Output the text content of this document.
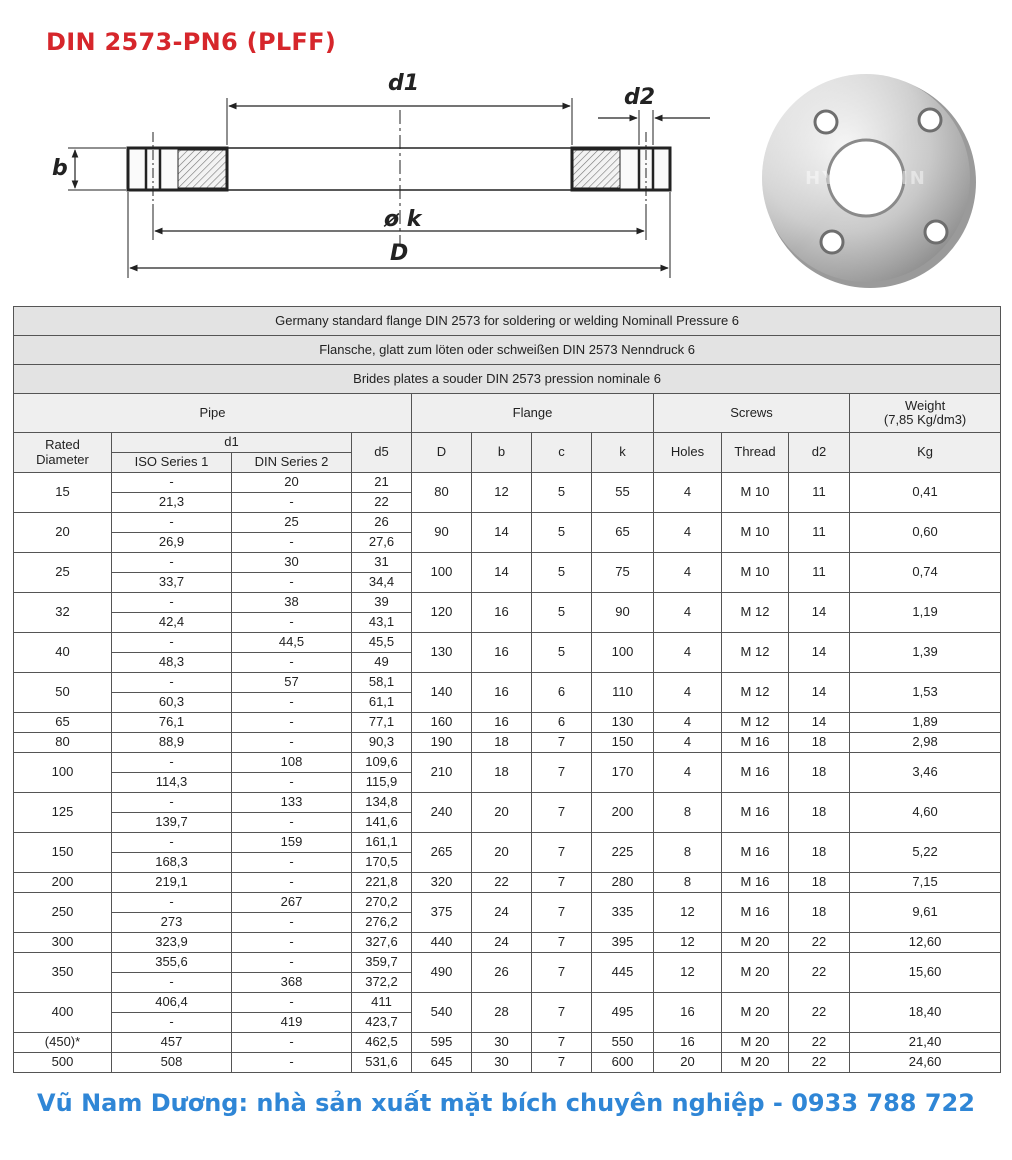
DIN 2573-PN6 (PLFF)
d1
d2
b
ø k
D
HYUPSHIN
Germany standard flange DIN 2573 for soldering or welding Nominall Pressure 6											
Flansche, glatt zum löten oder schweißen DIN 2573 Nenndruck 6											
Brides plates a souder DIN 2573 pression nominale 6											
Pipe				Flange				Screws			Weight
(7,85 Kg/dm3)
Rated
Diameter	d1		d5	D	b	c	k	Holes	Thread	d2	Kg
	ISO Series 1	DIN Series 2									
15	-	20	21	80	12	5	55	4	M 10	11	0,41
	21,3	-	22								
20	-	25	26	90	14	5	65	4	M 10	11	0,60
	26,9	-	27,6								
25	-	30	31	100	14	5	75	4	M 10	11	0,74
	33,7	-	34,4								
32	-	38	39	120	16	5	90	4	M 12	14	1,19
	42,4	-	43,1								
40	-	44,5	45,5	130	16	5	100	4	M 12	14	1,39
	48,3	-	49								
50	-	57	58,1	140	16	6	110	4	M 12	14	1,53
	60,3	-	61,1								
65	76,1	-	77,1	160	16	6	130	4	M 12	14	1,89
80	88,9	-	90,3	190	18	7	150	4	M 16	18	2,98
100	-	108	109,6	210	18	7	170	4	M 16	18	3,46
	114,3	-	115,9								
125	-	133	134,8	240	20	7	200	8	M 16	18	4,60
	139,7	-	141,6								
150	-	159	161,1	265	20	7	225	8	M 16	18	5,22
	168,3	-	170,5								
200	219,1	-	221,8	320	22	7	280	8	M 16	18	7,15
250	-	267	270,2	375	24	7	335	12	M 16	18	9,61
	273	-	276,2								
300	323,9	-	327,6	440	24	7	395	12	M 20	22	12,60
350	355,6	-	359,7	490	26	7	445	12	M 20	22	15,60
	-	368	372,2								
400	406,4	-	411	540	28	7	495	16	M 20	22	18,40
	-	419	423,7								
(450)*	457	-	462,5	595	30	7	550	16	M 20	22	21,40
500	508	-	531,6	645	30	7	600	20	M 20	22	24,60
Vũ Nam Dương: nhà sản xuất mặt bích chuyên nghiệp - 0933 788 722
